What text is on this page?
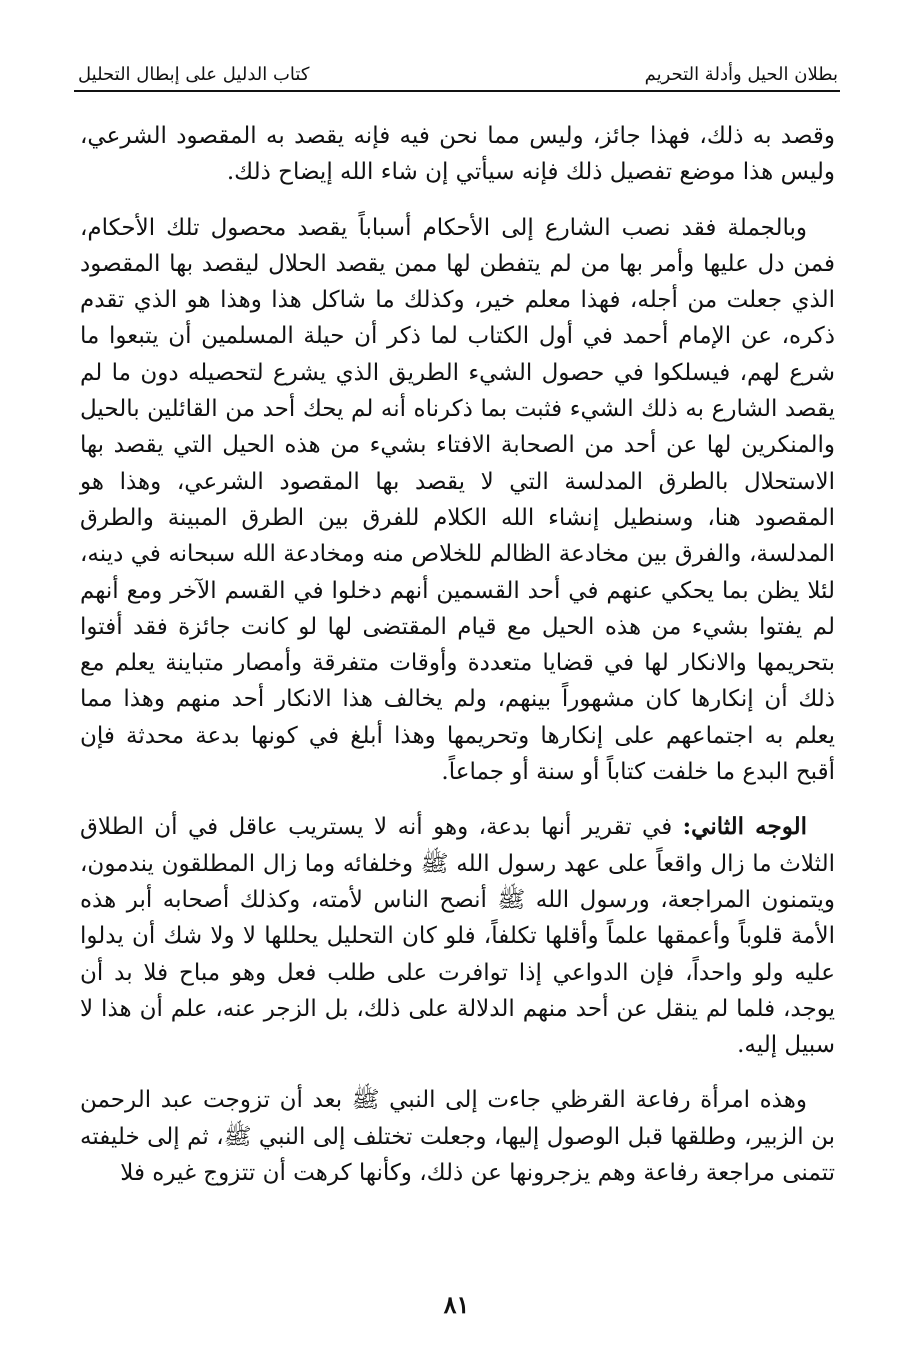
بطلان الحيل وأدلة التحريم
كتاب الدليل على إبطال التحليل

وقصد به ذلك، فهذا جائز، وليس مما نحن فيه فإنه يقصد به المقصود الشرعي، وليس هذا موضع تفصيل ذلك فإنه سيأتي إن شاء الله إيضاح ذلك.

وبالجملة فقد نصب الشارع إلى الأحكام أسباباً يقصد محصول تلك الأحكام، فمن دل عليها وأمر بها من لم يتفطن لها ممن يقصد الحلال ليقصد بها المقصود الذي جعلت من أجله، فهذا معلم خير، وكذلك ما شاكل هذا وهذا هو الذي تقدم ذكره، عن الإمام أحمد في أول الكتاب لما ذكر أن حيلة المسلمين أن يتبعوا ما شرع لهم، فيسلكوا في حصول الشيء الطريق الذي يشرع لتحصيله دون ما لم يقصد الشارع به ذلك الشيء فثبت بما ذكرناه أنه لم يحك أحد من القائلين بالحيل والمنكرين لها عن أحد من الصحابة الافتاء بشيء من هذه الحيل التي يقصد بها الاستحلال بالطرق المدلسة التي لا يقصد بها المقصود الشرعي، وهذا هو المقصود هنا، وسنطيل إنشاء الله الكلام للفرق بين الطرق المبينة والطرق المدلسة، والفرق بين مخادعة الظالم للخلاص منه ومخادعة الله سبحانه في دينه، لئلا يظن بما يحكي عنهم في أحد القسمين أنهم دخلوا في القسم الآخر ومع أنهم لم يفتوا بشيء من هذه الحيل مع قيام المقتضى لها لو كانت جائزة فقد أفتوا بتحريمها والانكار لها في قضايا متعددة وأوقات متفرقة وأمصار متباينة يعلم مع ذلك أن إنكارها كان مشهوراً بينهم، ولم يخالف هذا الانكار أحد منهم وهذا مما يعلم به اجتماعهم على إنكارها وتحريمها وهذا أبلغ في كونها بدعة محدثة فإن أقبح البدع ما خلفت كتاباً أو سنة أو جماعاً.

الوجه الثاني: في تقرير أنها بدعة، وهو أنه لا يستريب عاقل في أن الطلاق الثلاث ما زال واقعاً على عهد رسول الله ﷺ وخلفائه وما زال المطلقون يندمون، ويتمنون المراجعة، ورسول الله ﷺ أنصح الناس لأمته، وكذلك أصحابه أبر هذه الأمة قلوباً وأعمقها علماً وأقلها تكلفاً، فلو كان التحليل يحللها لا ولا شك أن يدلوا عليه ولو واحداً، فإن الدواعي إذا توافرت على طلب فعل وهو مباح فلا بد أن يوجد، فلما لم ينقل عن أحد منهم الدلالة على ذلك، بل الزجر عنه، علم أن هذا لا سبيل إليه.

وهذه امرأة رفاعة القرظي جاءت إلى النبي ﷺ بعد أن تزوجت عبد الرحمن بن الزبير، وطلقها قبل الوصول إليها، وجعلت تختلف إلى النبي ﷺ، ثم إلى خليفته تتمنى مراجعة رفاعة وهم يزجرونها عن ذلك، وكأنها كرهت أن تتزوج غيره فلا

٨١
